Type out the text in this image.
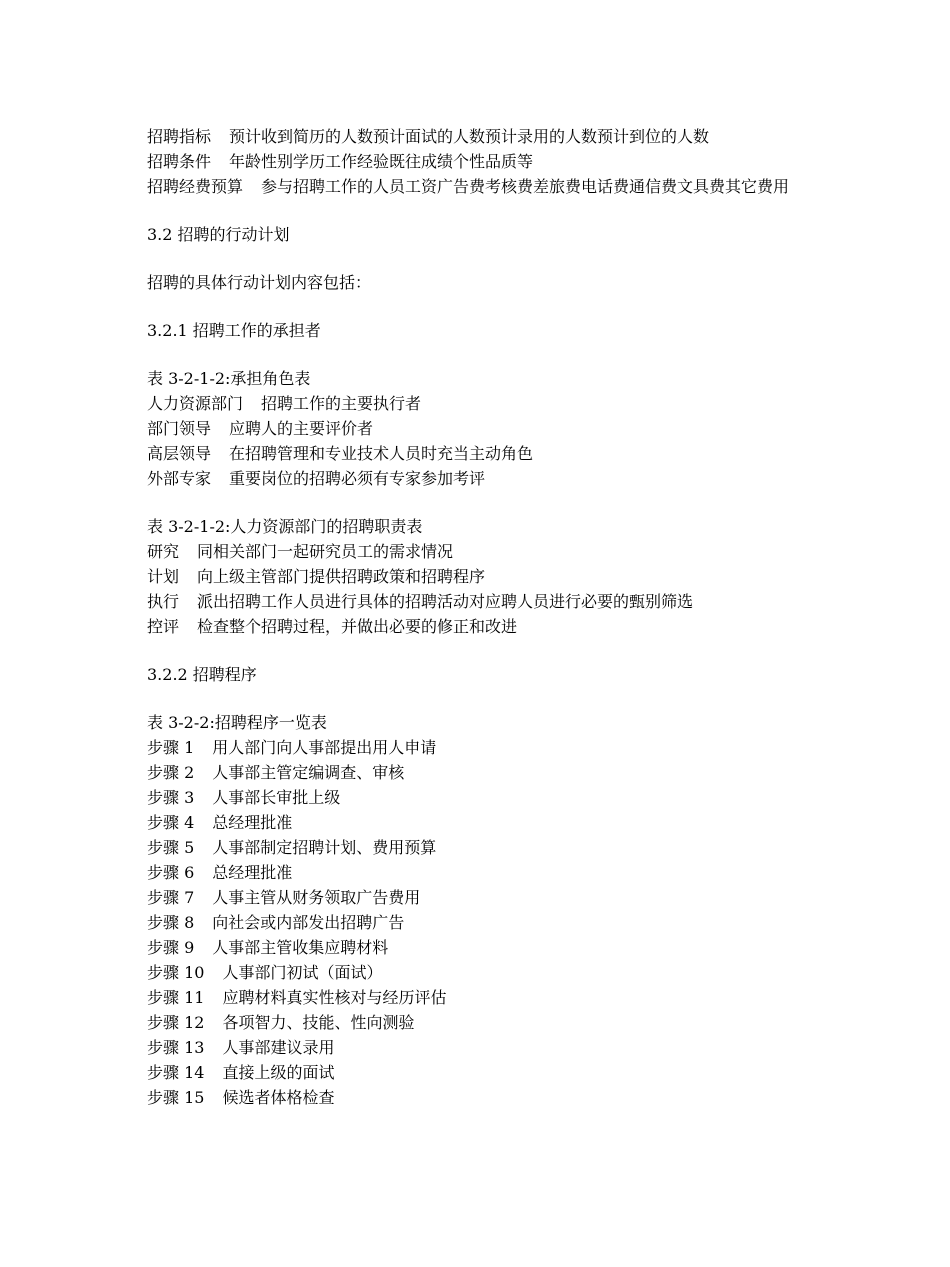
招聘指标 预计收到简历的人数预计面试的人数预计录用的人数预计到位的人数

招聘条件 年龄性别学历工作经验既往成绩个性品质等

招聘经费预算 参与招聘工作的人员工资广告费考核费差旅费电话费通信费文具费其它费用

3.2 招聘的行动计划

招聘的具体行动计划内容包括：

3.2.1 招聘工作的承担者

表 3-2-1-2:承担角色表

人力资源部门 招聘工作的主要执行者

部门领导 应聘人的主要评价者

高层领导 在招聘管理和专业技术人员时充当主动角色

外部专家 重要岗位的招聘必须有专家参加考评

表 3-2-1-2:人力资源部门的招聘职责表

研究 同相关部门一起研究员工的需求情况

计划 向上级主管部门提供招聘政策和招聘程序

执行 派出招聘工作人员进行具体的招聘活动对应聘人员进行必要的甄别筛选

控评 检查整个招聘过程，并做出必要的修正和改进

3.2.2 招聘程序

表 3-2-2:招聘程序一览表

步骤 1 用人部门向人事部提出用人申请

步骤 2 人事部主管定编调查、审核

步骤 3 人事部长审批上级

步骤 4 总经理批准

步骤 5 人事部制定招聘计划、费用预算

步骤 6 总经理批准

步骤 7 人事主管从财务领取广告费用

步骤 8 向社会或内部发出招聘广告

步骤 9 人事部主管收集应聘材料

步骤 10 人事部门初试（面试）

步骤 11 应聘材料真实性核对与经历评估

步骤 12 各项智力、技能、性向测验

步骤 13 人事部建议录用

步骤 14 直接上级的面试

步骤 15 候选者体格检查
